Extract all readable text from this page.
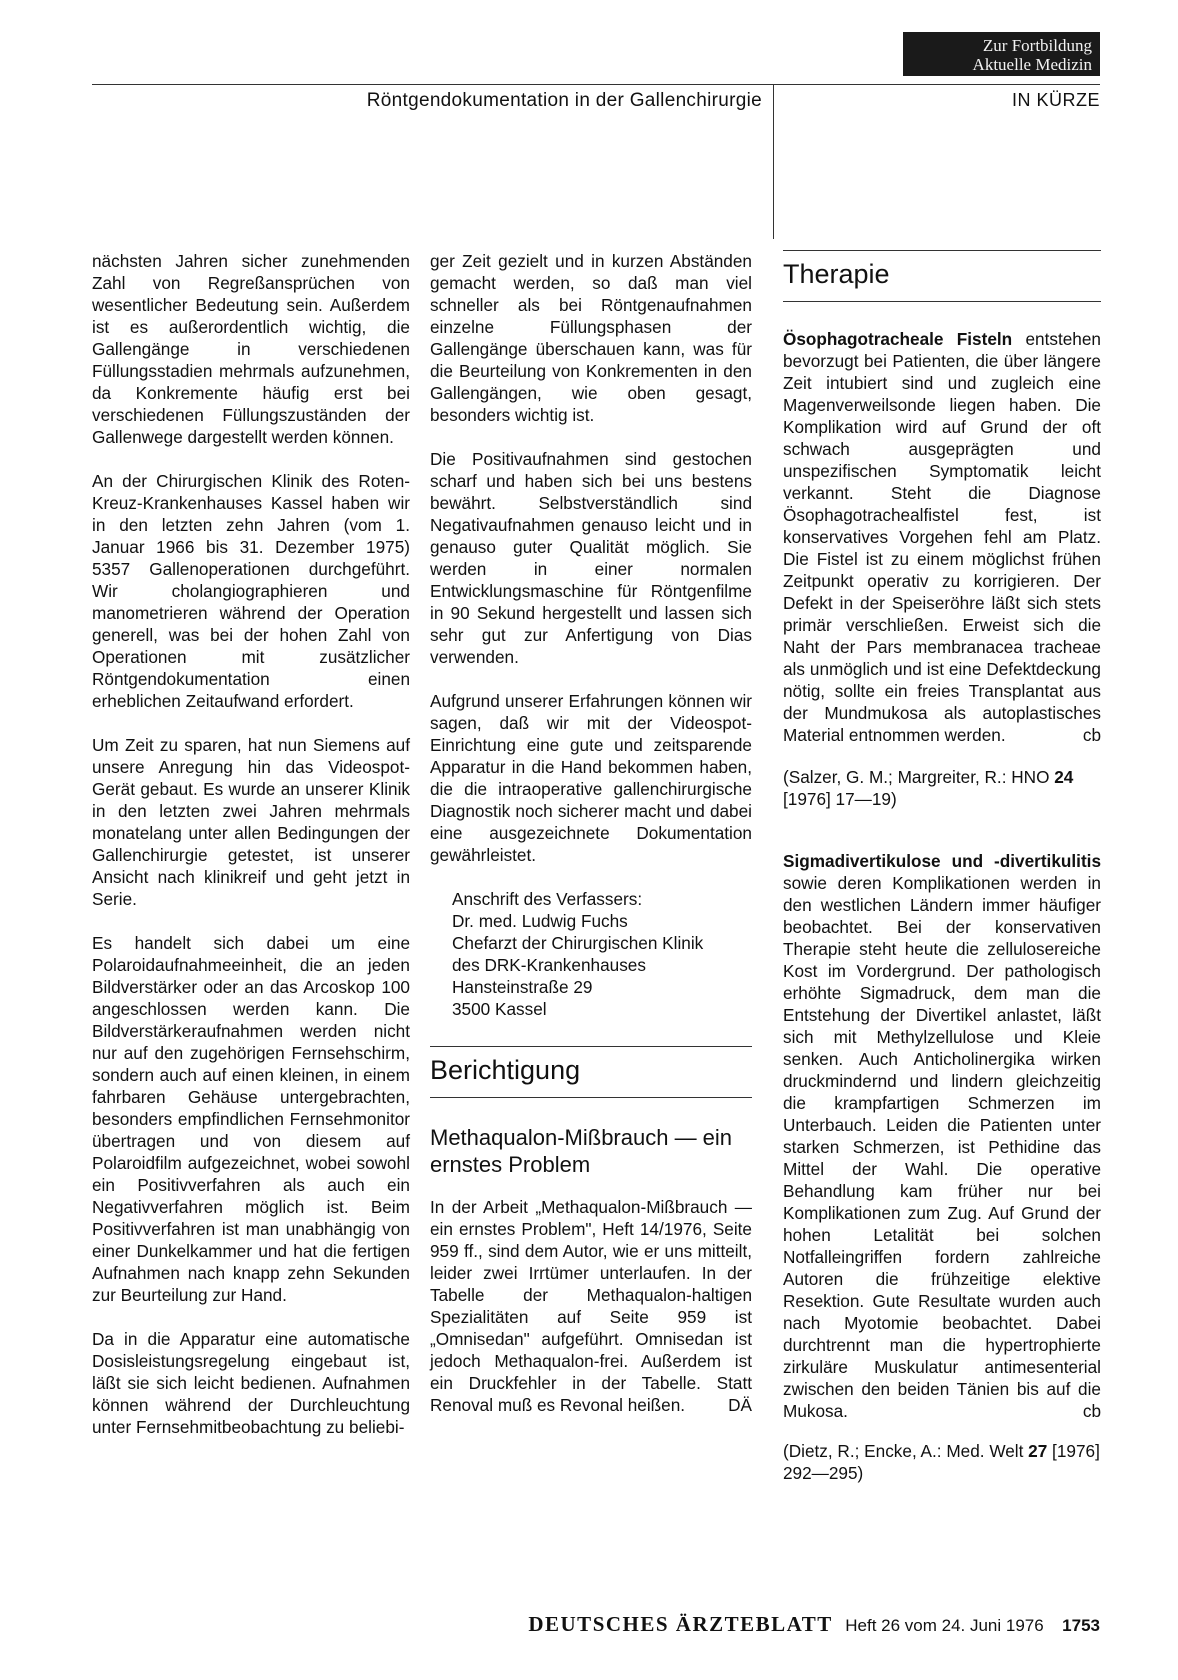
Zur Fortbildung
Aktuelle Medizin
Röntgendokumentation in der Gallenchirurgie	IN KÜRZE

nächsten Jahren sicher zunehmenden Zahl von Regreßansprüchen von wesentlicher Bedeutung sein. Außerdem ist es außerordentlich wichtig, die Gallengänge in verschiedenen Füllungsstadien mehrmals aufzunehmen, da Konkremente häufig erst bei verschiedenen Füllungszuständen der Gallenwege dargestellt werden können.

An der Chirurgischen Klinik des Roten-Kreuz-Krankenhauses Kassel haben wir in den letzten zehn Jahren (vom 1. Januar 1966 bis 31. Dezember 1975) 5357 Gallenoperationen durchgeführt. Wir cholangiographieren und manometrieren während der Operation generell, was bei der hohen Zahl von Operationen mit zusätzlicher Röntgendokumentation einen erheblichen Zeitaufwand erfordert.

Um Zeit zu sparen, hat nun Siemens auf unsere Anregung hin das Videospot-Gerät gebaut. Es wurde an unserer Klinik in den letzten zwei Jahren mehrmals monatelang unter allen Bedingungen der Gallenchirurgie getestet, ist unserer Ansicht nach klinikreif und geht jetzt in Serie.

Es handelt sich dabei um eine Polaroidaufnahmeeinheit, die an jeden Bildverstärker oder an das Arcoskop 100 angeschlossen werden kann. Die Bildverstärkeraufnahmen werden nicht nur auf den zugehörigen Fernsehschirm, sondern auch auf einen kleinen, in einem fahrbaren Gehäuse untergebrachten, besonders empfindlichen Fernsehmonitor übertragen und von diesem auf Polaroidfilm aufgezeichnet, wobei sowohl ein Positivverfahren als auch ein Negativverfahren möglich ist. Beim Positivverfahren ist man unabhängig von einer Dunkelkammer und hat die fertigen Aufnahmen nach knapp zehn Sekunden zur Beurteilung zur Hand.

Da in die Apparatur eine automatische Dosisleistungsregelung eingebaut ist, läßt sie sich leicht bedienen. Aufnahmen können während der Durchleuchtung unter Fernsehmitbeobachtung zu beliebi-

ger Zeit gezielt und in kurzen Abständen gemacht werden, so daß man viel schneller als bei Röntgenaufnahmen einzelne Füllungsphasen der Gallengänge überschauen kann, was für die Beurteilung von Konkrementen in den Gallengängen, wie oben gesagt, besonders wichtig ist.

Die Positivaufnahmen sind gestochen scharf und haben sich bei uns bestens bewährt. Selbstverständlich sind Negativaufnahmen genauso leicht und in genauso guter Qualität möglich. Sie werden in einer normalen Entwicklungsmaschine für Röntgenfilme in 90 Sekund hergestellt und lassen sich sehr gut zur Anfertigung von Dias verwenden.

Aufgrund unserer Erfahrungen können wir sagen, daß wir mit der Videospot-Einrichtung eine gute und zeitsparende Apparatur in die Hand bekommen haben, die die intraoperative gallenchirurgische Diagnostik noch sicherer macht und dabei eine ausgezeichnete Dokumentation gewährleistet.

Anschrift des Verfassers:
Dr. med. Ludwig Fuchs
Chefarzt der Chirurgischen Klinik
des DRK-Krankenhauses
Hansteinstraße 29
3500 Kassel
Berichtigung
Methaqualon-Mißbrauch — ein ernstes Problem

In der Arbeit „Methaqualon-Mißbrauch — ein ernstes Problem", Heft 14/1976, Seite 959 ff., sind dem Autor, wie er uns mitteilt, leider zwei Irrtümer unterlaufen. In der Tabelle der Methaqualon-haltigen Spezialitäten auf Seite 959 ist „Omnisedan" aufgeführt. Omnisedan ist jedoch Methaqualon-frei. Außerdem ist ein Druckfehler in der Tabelle. Statt Renoval muß es Revonal heißen.	DÄ

Therapie

Ösophagotracheale Fisteln entstehen bevorzugt bei Patienten, die über längere Zeit intubiert sind und zugleich eine Magenverweilsonde liegen haben. Die Komplikation wird auf Grund der oft schwach ausgeprägten und unspezifischen Symptomatik leicht verkannt. Steht die Diagnose Ösophagotrachealfistel fest, ist konservatives Vorgehen fehl am Platz. Die Fistel ist zu einem möglichst frühen Zeitpunkt operativ zu korrigieren. Der Defekt in der Speiseröhre läßt sich stets primär verschließen. Erweist sich die Naht der Pars membranacea tracheae als unmöglich und ist eine Defektdeckung nötig, sollte ein freies Transplantat aus der Mundmukosa als autoplastisches Material entnommen werden.	cb

(Salzer, G. M.; Margreiter, R.: HNO 24 [1976] 17—19)

Sigmadivertikulose und -divertikulitis sowie deren Komplikationen werden in den westlichen Ländern immer häufiger beobachtet. Bei der konservativen Therapie steht heute die zellulosereiche Kost im Vordergrund. Der pathologisch erhöhte Sigmadruck, dem man die Entstehung der Divertikel anlastet, läßt sich mit Methylzellulose und Kleie senken. Auch Anticholinergika wirken druckmindernd und lindern gleichzeitig die krampfartigen Schmerzen im Unterbauch. Leiden die Patienten unter starken Schmerzen, ist Pethidine das Mittel der Wahl. Die operative Behandlung kam früher nur bei Komplikationen zum Zug. Auf Grund der hohen Letalität bei solchen Notfalleingriffen fordern zahlreiche Autoren die frühzeitige elektive Resektion. Gute Resultate wurden auch nach Myotomie beobachtet. Dabei durchtrennt man die hypertrophierte zirkuläre Muskulatur antimesenterial zwischen den beiden Tänien bis auf die Mukosa.	cb

(Dietz, R.; Encke, A.: Med. Welt 27 [1976] 292—295)

DEUTSCHES ÄRZTEBLATT Heft 26 vom 24. Juni 1976 1753
